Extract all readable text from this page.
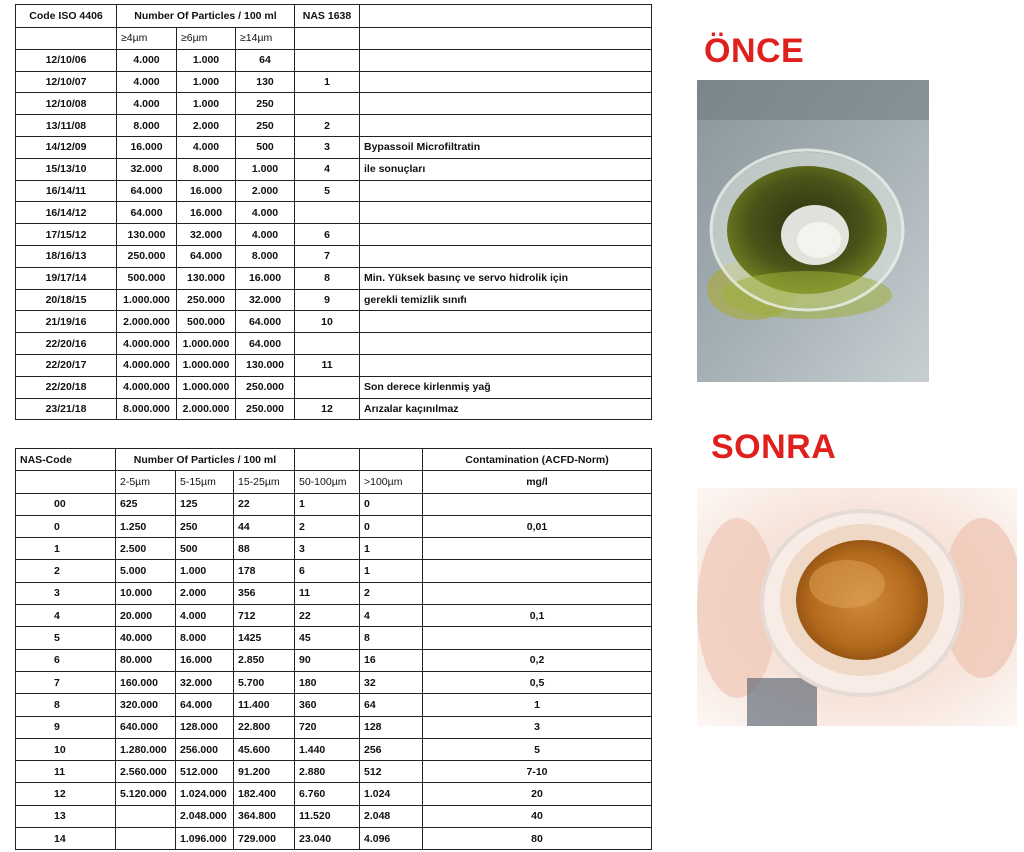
Code ISO 4406	Number Of Particles / 100 ml			NAS 1638	
	≥4µm	≥6µm	≥14µm		
12/10/06	4.000	1.000	64		
12/10/07	4.000	1.000	130	1	
12/10/08	4.000	1.000	250		
13/11/08	8.000	2.000	250	2	
14/12/09	16.000	4.000	500	3	Bypassoil Microfiltratin
15/13/10	32.000	8.000	1.000	4	ile sonuçları
16/14/11	64.000	16.000	2.000	5	
16/14/12	64.000	16.000	4.000		
17/15/12	130.000	32.000	4.000	6	
18/16/13	250.000	64.000	8.000	7	
19/17/14	500.000	130.000	16.000	8	Min. Yüksek basınç ve servo hidrolik için
20/18/15	1.000.000	250.000	32.000	9	gerekli temizlik sınıfı
21/19/16	2.000.000	500.000	64.000	10	
22/20/16	4.000.000	1.000.000	64.000		
22/20/17	4.000.000	1.000.000	130.000	11	
22/20/18	4.000.000	1.000.000	250.000		Son derece kirlenmiş yağ
23/21/18	8.000.000	2.000.000	250.000	12	Arızalar kaçınılmaz
NAS-Code	Number Of Particles / 100 ml					Contamination (ACFD-Norm)
	2-5µm	5-15µm	15-25µm	50-100µm	>100µm	mg/l
00	625	125	22	1	0	
0	1.250	250	44	2	0	0,01
1	2.500	500	88	3	1	
2	5.000	1.000	178	6	1	
3	10.000	2.000	356	11	2	
4	20.000	4.000	712	22	4	0,1
5	40.000	8.000	1425	45	8	
6	80.000	16.000	2.850	90	16	0,2
7	160.000	32.000	5.700	180	32	0,5
8	320.000	64.000	11.400	360	64	1
9	640.000	128.000	22.800	720	128	3
10	1.280.000	256.000	45.600	1.440	256	5
11	2.560.000	512.000	91.200	2.880	512	7-10
12	5.120.000	1.024.000	182.400	6.760	1.024	20
13		2.048.000	364.800	11.520	2.048	40
14		1.096.000	729.000	23.040	4.096	80
ÖNCE
SONRA
